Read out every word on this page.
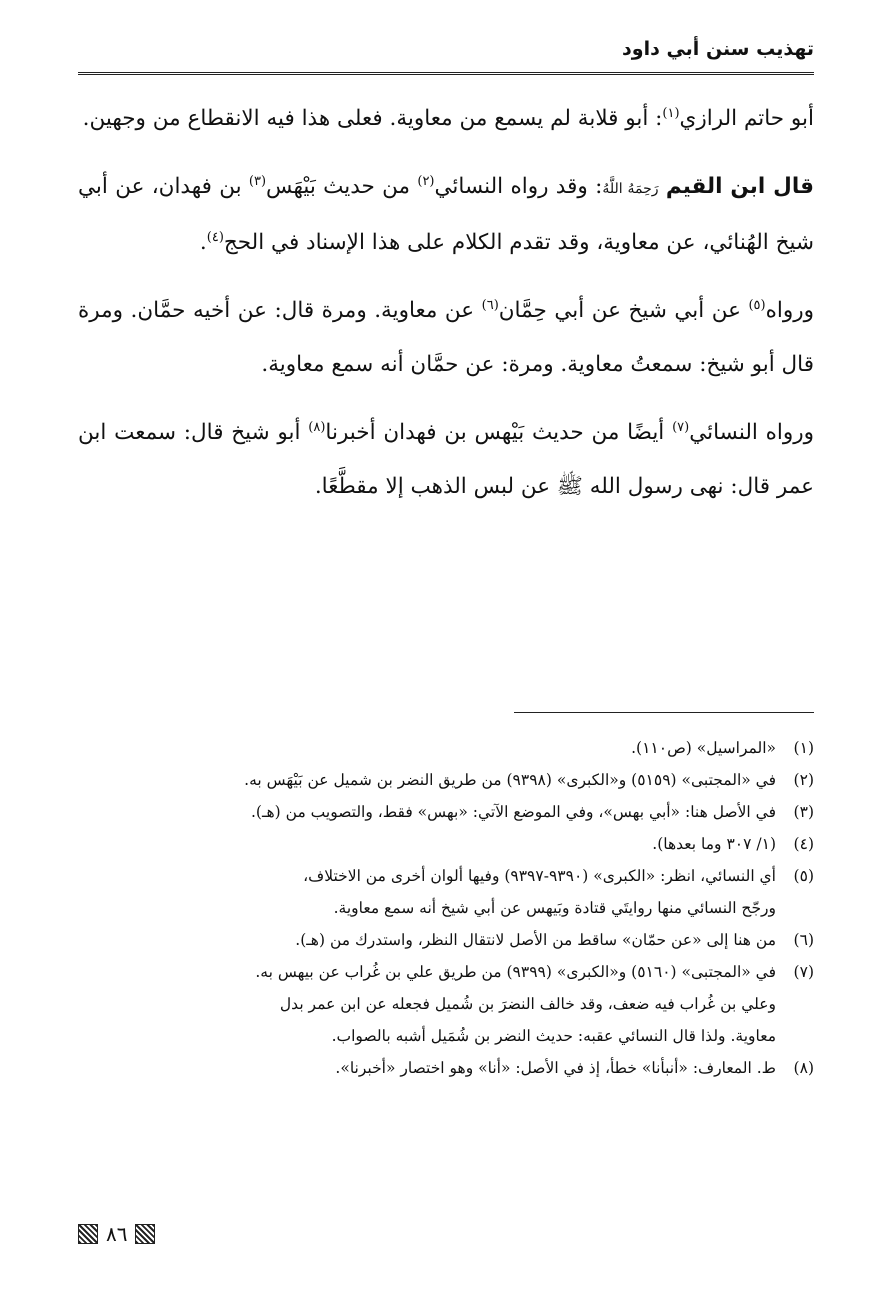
تهذيب سنن أبي داود

أبو حاتم الرازي$^{(١)}$: أبو قلابة لم يسمع من معاوية. فعلى هذا فيه الانقطاع من وجهين.

قال ابن القيم رَحِمَهُ اللَّهُ: وقد رواه النسائي$^{(٢)}$ من حديث بَيْهَس$^{(٣)}$ بن فهدان، عن أبي شيخ الهُنائي، عن معاوية، وقد تقدم الكلام على هذا الإسناد في الحج$^{(٤)}$.

ورواه$^{(٥)}$ عن أبي شيخ عن أبي حِمَّان$^{(٦)}$ عن معاوية. ومرة قال: عن أخيه حمَّان. ومرة قال أبو شيخ: سمعتُ معاوية. ومرة: عن حمَّان أنه سمع معاوية.

ورواه النسائي$^{(٧)}$ أيضًا من حديث بَيْهس بن فهدان أخبرنا$^{(٨)}$ أبو شيخ قال: سمعت ابن عمر قال: نهى رسول الله ﷺ عن لبس الذهب إلا مقطَّعًا.

(١)
«المراسيل» (ص١١٠).
(٢)
في «المجتبى» (٥١٥٩) و«الكبرى» (٩٣٩٨) من طريق النضر بن شميل عن بَيْهَس به.
(٣)
في الأصل هنا: «أبي بهس»، وفي الموضع الآتي: «بهس» فقط، والتصويب من (هـ).
(٤)
(١/ ٣٠٧ وما بعدها).
(٥)
أي النسائي، انظر: «الكبرى» (٩٣٩٠-٩٣٩٧) وفيها ألوان أخرى من الاختلاف،
ورجّح النسائي منها روايتَي قتادة وبَيهس عن أبي شيخ أنه سمع معاوية.
(٦)
من هنا إلى «عن حمّان» ساقط من الأصل لانتقال النظر، واستدرك من (هـ).
(٧)
في «المجتبى» (٥١٦٠) و«الكبرى» (٩٣٩٩) من طريق علي بن غُراب عن بيهس به.
وعلي بن غُراب فيه ضعف، وقد خالف النضرَ بن شُميل فجعله عن ابن عمر بدل
معاوية. ولذا قال النسائي عقبه: حديث النضر بن شُمَيل أشبه بالصواب.
(٨)
ط. المعارف: «أنبأنا» خطأ، إذ في الأصل: «أنا» وهو اختصار «أخبرنا».
٨٦
